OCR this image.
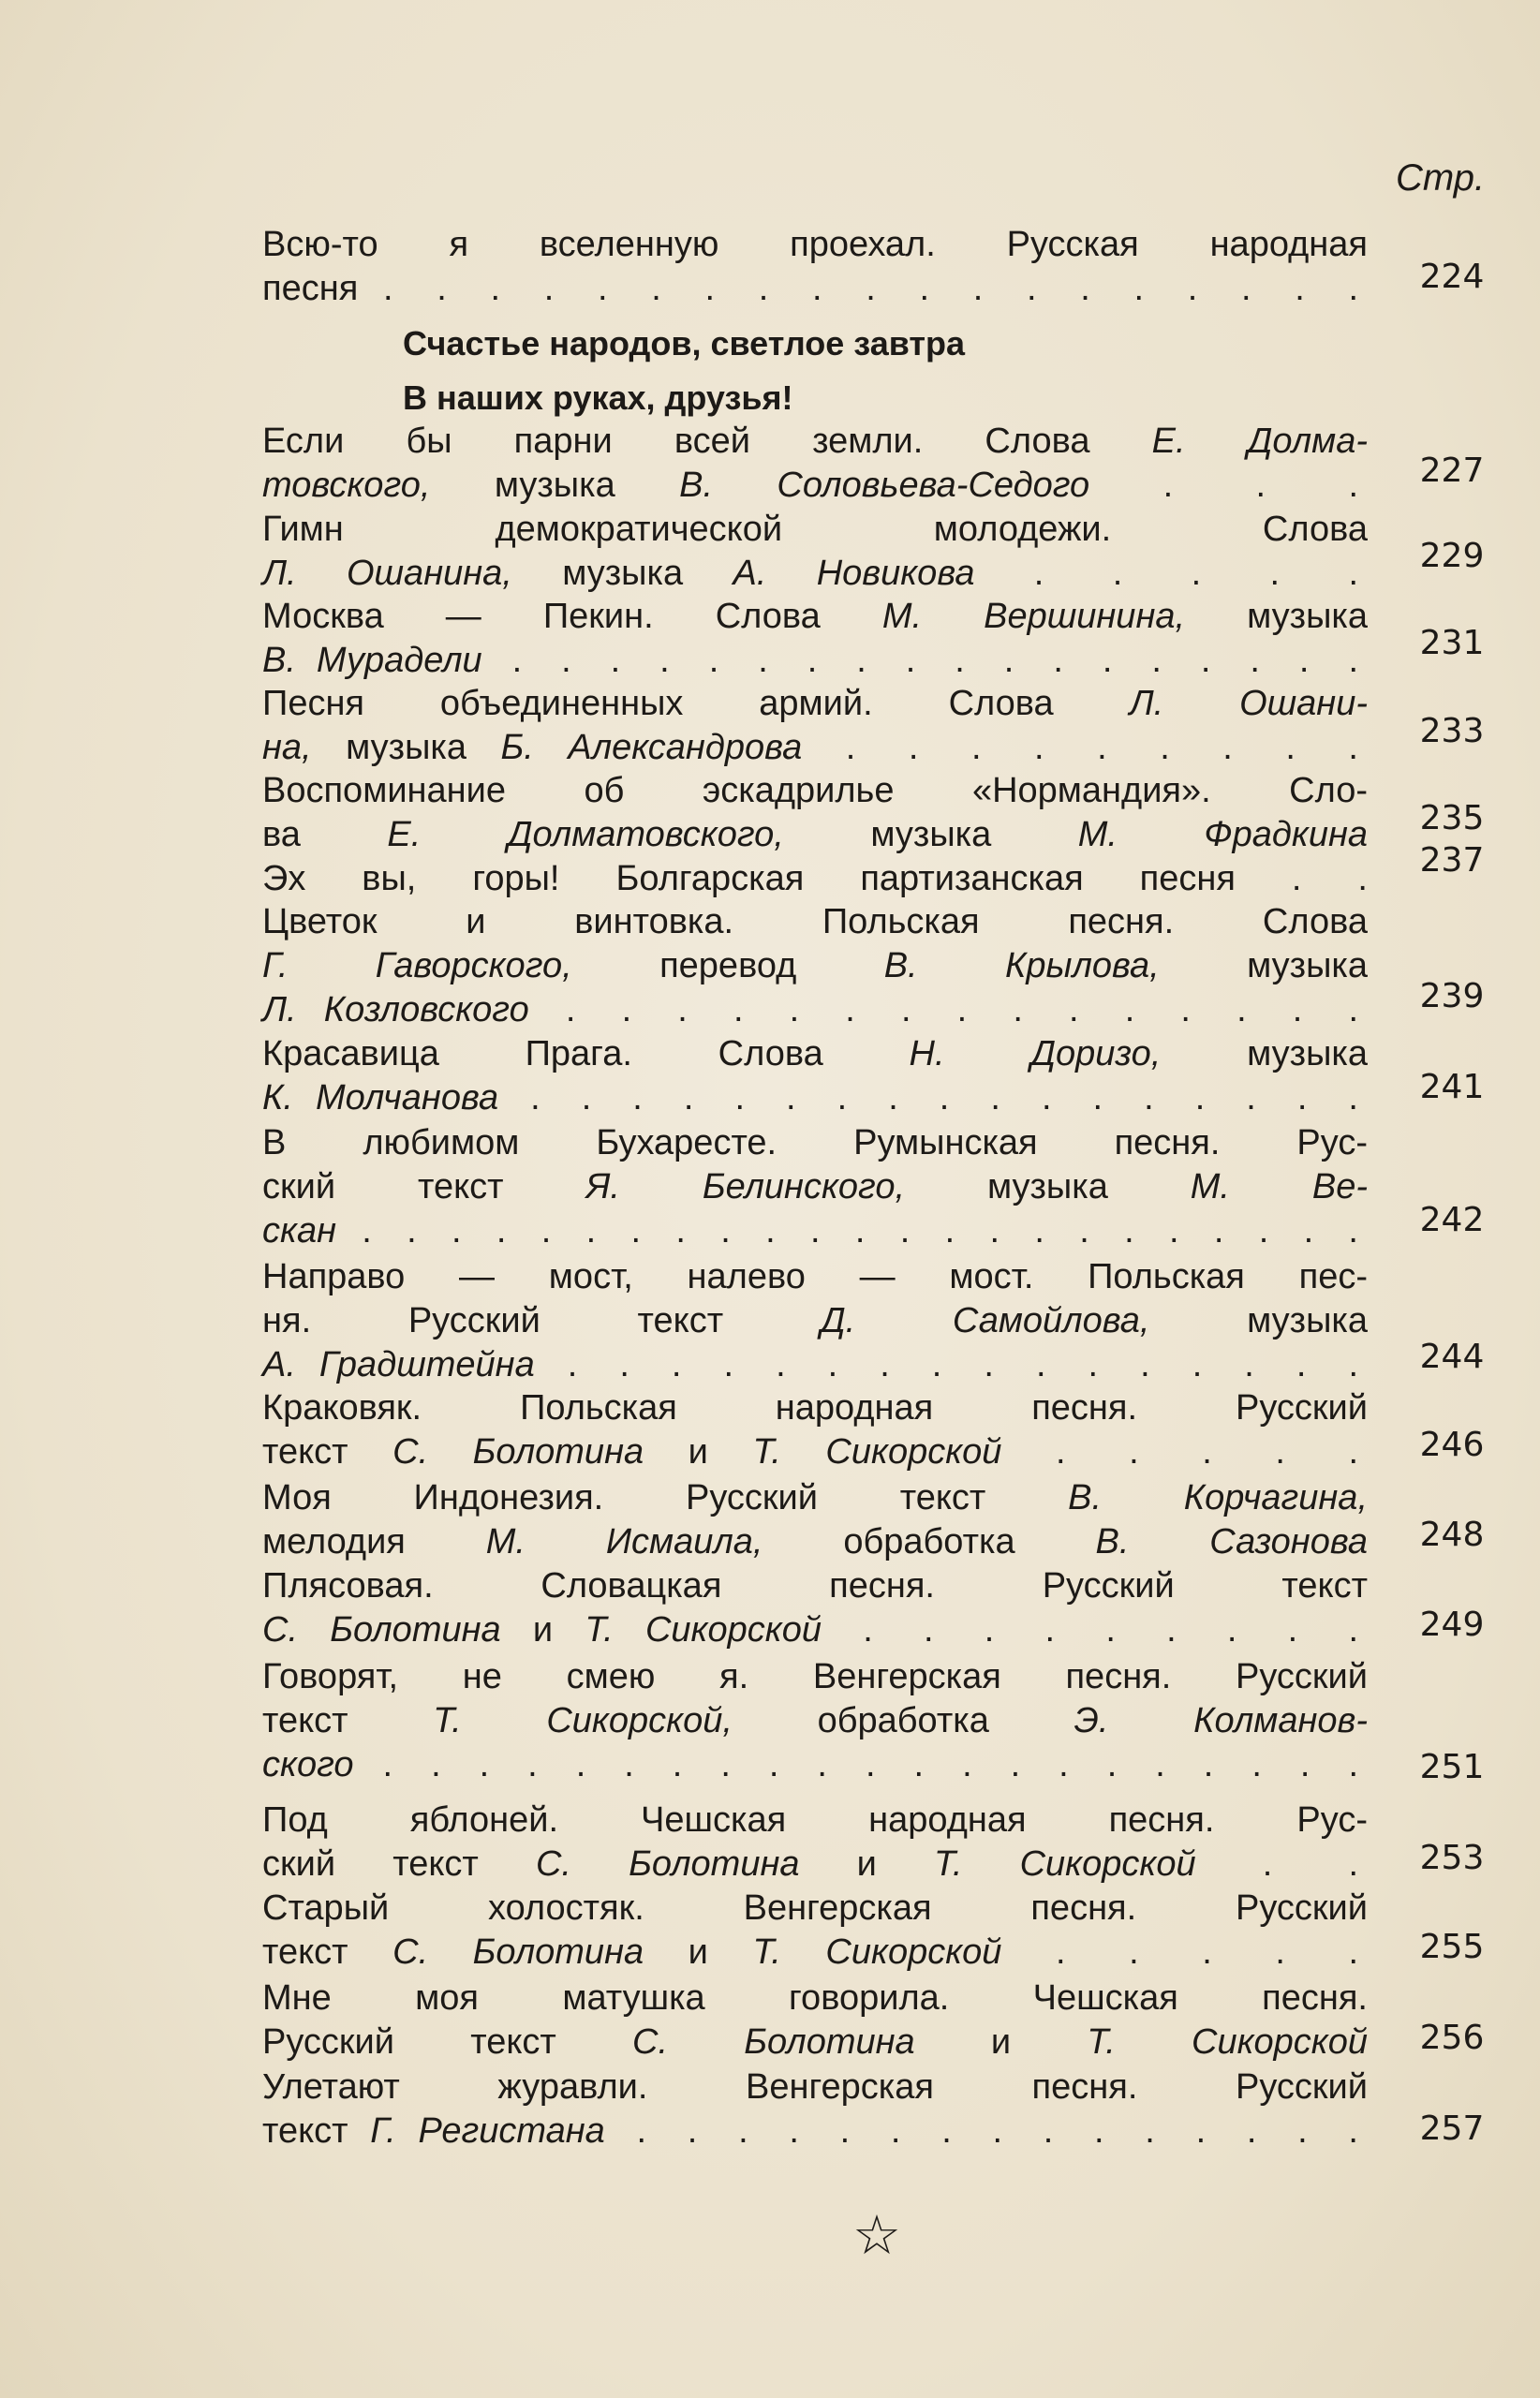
Стр.
Всю-то я вселенную проехал. Русская народная
песня . . . . . . . . . . . . . . . . . . .	224
Счастье народов, светлое завтра
В наших руках, друзья!
Если бы парни всей земли. Слова Е. Долма-
товского, музыка В. Соловьева-Седого . . .	227
Гимн демократической молодежи. Слова
Л. Ошанина, музыка А. Новикова . . . . .	229
Москва — Пекин. Слова М. Вершинина, музыка
В. Мурадели . . . . . . . . . . . . . . . . . .	231
Песня объединенных армий. Слова Л. Ошани-
на, музыка Б. Александрова . . . . . . . . .	233
Воспоминание об эскадрилье «Нормандия». Сло-
ва Е. Долматовского, музыка М. Фрадкина	235
Эх вы, горы! Болгарская партизанская песня . .	237
Цветок и винтовка. Польская песня. Слова
Г. Гаворского, перевод В. Крылова, музыка
Л. Козловского . . . . . . . . . . . . . . .	239
Красавица Прага. Слова Н. Доризо, музыка
К. Молчанова . . . . . . . . . . . . . . . . .	241
В любимом Бухаресте. Румынская песня. Рус-
ский текст Я. Белинского, музыка М. Ве-
скан . . . . . . . . . . . . . . . . . . . . . . .	242
Направо — мост, налево — мост. Польская пес-
ня. Русский текст Д. Самойлова, музыка
А. Градштейна . . . . . . . . . . . . . . . .	244
Краковяк. Польская народная песня. Русский
текст С. Болотина и Т. Сикорской . . . . .	246
Моя Индонезия. Русский текст В. Корчагина,
мелодия М. Исмаила, обработка В. Сазонова	248
Плясовая. Словацкая песня. Русский текст
С. Болотина и Т. Сикорской . . . . . . . . .	249
Говорят, не смею я. Венгерская песня. Русский
текст Т. Сикорской, обработка Э. Колманов-
ского . . . . . . . . . . . . . . . . . . . . .	251
Под яблоней. Чешская народная песня. Рус-
ский текст С. Болотина и Т. Сикорской . .	253
Старый холостяк. Венгерская песня. Русский
текст С. Болотина и Т. Сикорской . . . . .	255
Мне моя матушка говорила. Чешская песня.
Русский текст С. Болотина и Т. Сикорской	256
Улетают журавли. Венгерская песня. Русский
текст Г. Регистана . . . . . . . . . . . . . . .	257
☆
